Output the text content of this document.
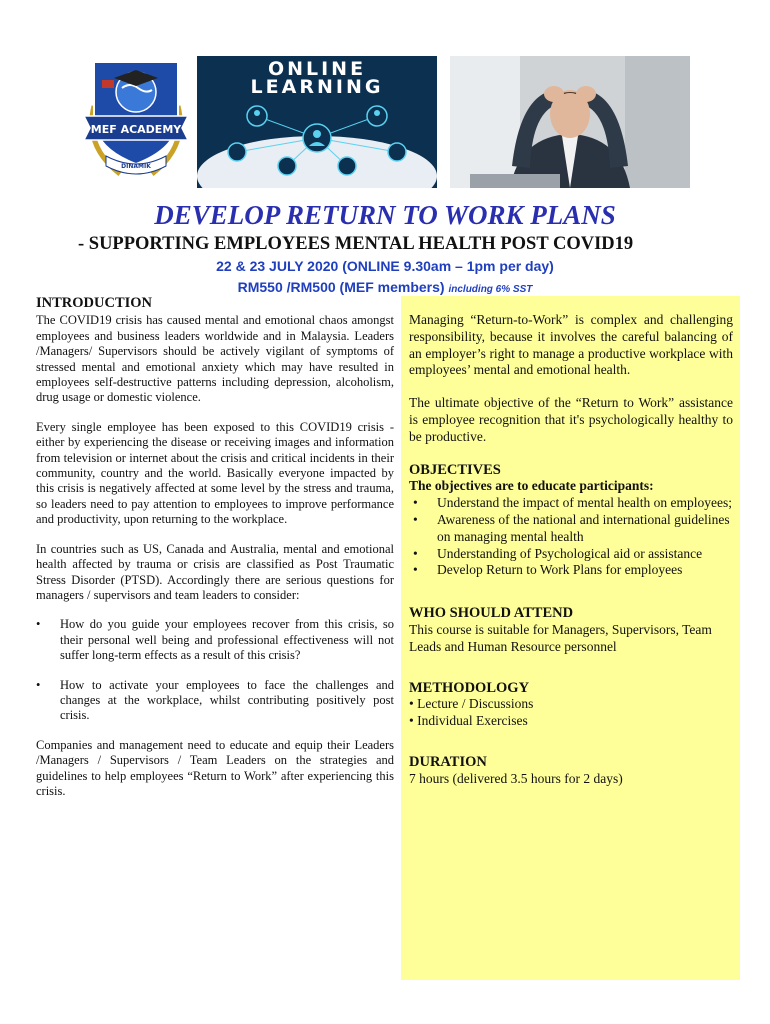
MEF ACADEMY
DINAMIK
ONLINE
LEARNING
DEVELOP RETURN TO WORK PLANS
- SUPPORTING EMPLOYEES MENTAL HEALTH POST COVID19
22 & 23 JULY 2020 (ONLINE 9.30am – 1pm per day)
RM550 /RM500 (MEF members) including 6% SST
INTRODUCTION

The COVID19 crisis has caused mental and emotional chaos amongst employees and business leaders worldwide and in Malaysia. Leaders /Managers/ Supervisors should be actively vigilant of symptoms of stressed mental and emotional anxiety which may have resulted in employees self-destructive patterns including depression, alcoholism, drug usage or domestic violence.

Every single employee has been exposed to this COVID19 crisis - either by experiencing the disease or receiving images and information from television or internet about the crisis and critical incidents in their community, country and the world. Basically everyone impacted by this crisis is negatively affected at some level by the stress and trauma, so leaders need to pay attention to employees to improve performance and productivity, upon returning to the workplace.

In countries such as US, Canada and Australia, mental and emotional health affected by trauma or crisis are classified as Post Traumatic Stress Disorder (PTSD). Accordingly there are serious questions for managers / supervisors and team leaders to consider:

•	How do you guide your employees recover from this crisis, so their personal well being and professional effectiveness will not suffer long-term effects as a result of this crisis?
•	How to activate your employees to face the challenges and changes at the workplace, whilst contributing positively post crisis.

Companies and management need to educate and equip their Leaders /Managers / Supervisors / Team Leaders on the strategies and guidelines to help employees “Return to Work” after experiencing this crisis.

Managing “Return-to-Work” is complex and challenging responsibility, because it involves the careful balancing of an employer’s right to manage a productive workplace with employees’ mental and emotional health.

The ultimate objective of the “Return to Work” assistance is employee recognition that it's psychologically healthy to be productive.

OBJECTIVES
The objectives are to educate participants:
•	Understand the impact of mental health on employees;
•	Awareness of the national and international guidelines on managing mental health
•	Understanding of Psychological aid or assistance
•	Develop Return to Work Plans for employees
WHO SHOULD ATTEND
This course is suitable for Managers, Supervisors, Team Leads and Human Resource personnel
METHODOLOGY
• Lecture / Discussions
• Individual Exercises
DURATION
7 hours (delivered 3.5 hours for 2 days)
